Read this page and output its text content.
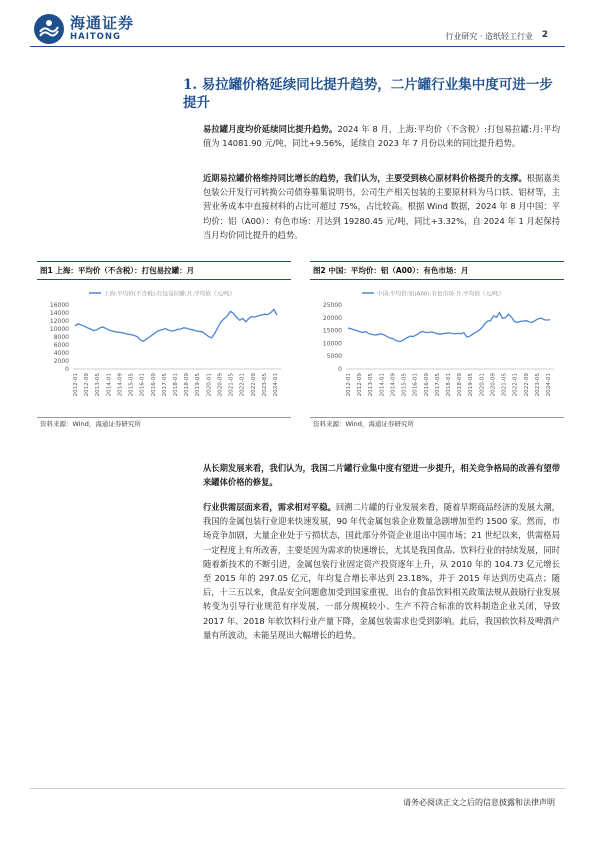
海通证券
HAITONG	行业研究 · 造纸轻工行业 2
1. 易拉罐价格延续同比提升趋势，二片罐行业集中度可进一步提升
易拉罐月度均价延续同比提升趋势。2024 年 8 月，上海:平均价（不含税）:打包易拉罐:月:平均值为 14081.90 元/吨，同比+9.56%，延续自 2023 年 7 月份以来的同比提升趋势。
近期易拉罐价格维持同比增长的趋势，我们认为，主要受到核心原材料价格提升的支撑。根据嘉美包装公开发行可转换公司债券募集说明书，公司生产相关包装的主要原材料为马口铁、铝材等，主营业务成本中直接材料的占比可超过 75%，占比较高。根据 Wind 数据，2024 年 8 月中国：平均价：铝（A00）：有色市场：月达到 19280.45 元/吨，同比+3.32%，自 2024 年 1 月起保持当月均价同比提升的趋势。
图1 上海：平均价（不含税）：打包易拉罐：月
上海:平均价(不含税):打包易拉罐:月:平均值（元/吨）
0
2000
4000
6000
8000
10000
12000
14000
16000
2012-01 2012-09 2013-05 2014-01 2014-09 2015-05 2016-01 2016-09 2017-05 2018-01 2018-09 2019-05 2020-01 2020-09 2021-05 2022-01 2022-09 2023-05 2024-01
资料来源：Wind，海通证券研究所
图2 中国：平均价：铝（A00）：有色市场：月
中国:平均价:铝(A00):有色市场:月:平均值（元/吨）
0
5000
10000
15000
20000
25000
2012-01 2012-09 2013-05 2014-01 2014-09 2015-05 2016-01 2016-09 2017-05 2018-01 2018-09 2019-05 2020-01 2020-09 2021-05 2022-01 2022-09 2023-05 2024-01
资料来源：Wind，海通证券研究所
从长期发展来看，我们认为，我国二片罐行业集中度有望进一步提升，相关竞争格局的改善有望带来罐体价格的修复。
行业供需层面来看，需求相对平稳。回溯二片罐的行业发展来看，随着早期商品经济的发展大潮，我国的金属包装行业迎来快速发展，90 年代金属包装企业数量急剧增加至约 1500 家。然而，市场竞争加剧，大量企业处于亏损状态，国此部分外资企业退出中国市场；21 世纪以来，供需格局一定程度上有所改善，主要是因为需求的快速增长，尤其是我国食品、饮料行业的持续发展，同时随着新技术的不断引进，金属包装行业固定资产投资逐年上升，从 2010 年的 104.73 亿元增长至 2015 年的 297.05 亿元，年均复合增长率达到 23.18%，并于 2015 年达到历史高点；随后，十三五以来，食品安全问题愈加受到国家重视，出台的食品饮料相关政策法规从鼓励行业发展转变为引导行业规范有序发展，一部分规模较小、生产不符合标准的饮料制造企业关闭，导致 2017 年、2018 年软饮料行业产量下降，金属包装需求也受到影响。此后，我国软饮料及啤酒产量有所波动，未能呈现出大幅增长的趋势。
请务必阅读正文之后的信息披露和法律声明
